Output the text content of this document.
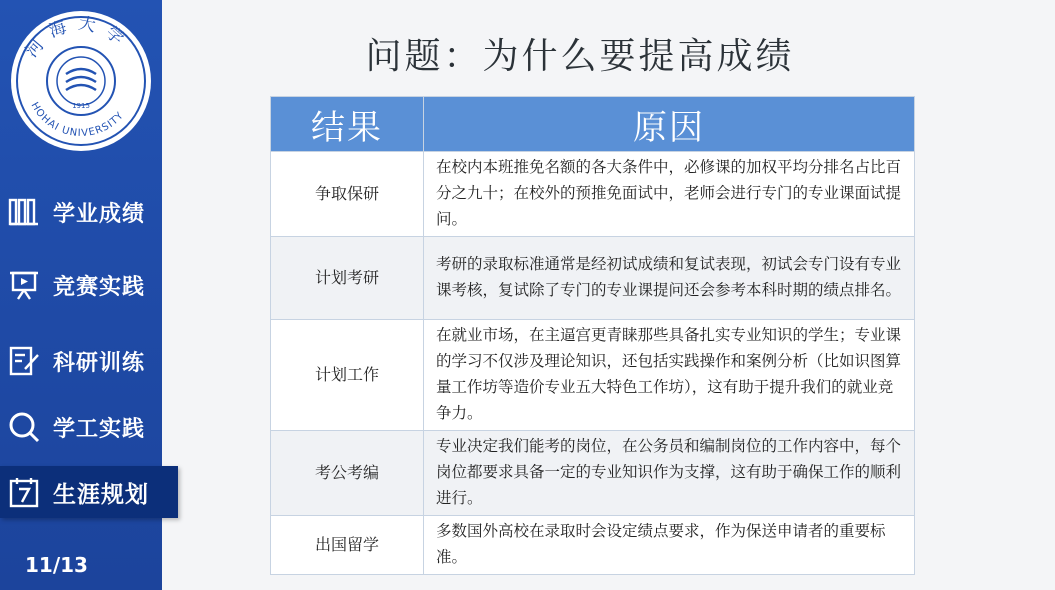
1915
河海大学
HOHAI UNIVERSITY
学业成绩
竞赛实践
科研训练
学工实践
生涯规划
11/13
问题：为什么要提高成绩
结果	原因
争取保研	在校内本班推免名额的各大条件中，必修课的加权平均分排名占比百分之九十；在校外的预推免面试中，老师会进行专门的专业课面试提问。
计划考研	考研的录取标准通常是经初试成绩和复试表现，初试会专门设有专业课考核，复试除了专门的专业课提问还会参考本科时期的绩点排名。
计划工作	在就业市场，在主逼宫更青睐那些具备扎实专业知识的学生；专业课的学习不仅涉及理论知识，还包括实践操作和案例分析（比如识图算量工作坊等造价专业五大特色工作坊），这有助于提升我们的就业竞争力。
考公考编	专业决定我们能考的岗位，在公务员和编制岗位的工作内容中，每个岗位都要求具备一定的专业知识作为支撑，这有助于确保工作的顺利进行。
出国留学	多数国外高校在录取时会设定绩点要求，作为保送申请者的重要标准。
